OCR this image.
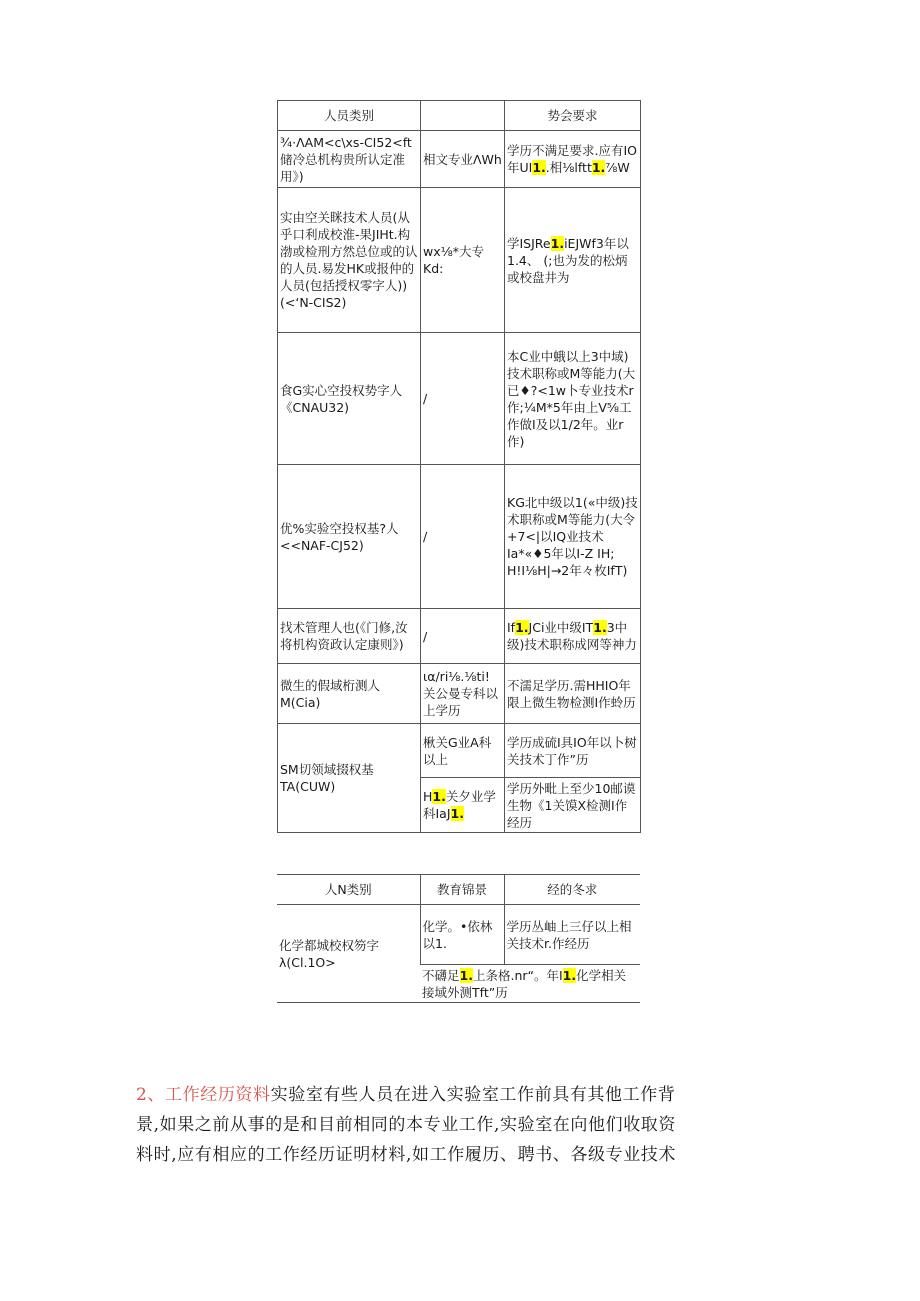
人员类别		势会要求
¾·ΛAM<c\xs-CI52<ft储冷总机构贵所认定准用》)	相文专业ΛWh	学历不满足要求.应有IO年UI1..相⅛lftt1.⅞W
实由空关眯技术人员(从乎口利成校淮-果JIHt.构渤或检刑方然总位或的认的人员.易发HK或报仲的人员(包括授权零字人))(<‘N-CIS2)	wx⅛*大专Kd:	学ISJRe1.iEJWf3年以1.4、 (;也为发的松炳或校盘井为
食G实心空投权势字人《CNAU32)	/	本C业中蛾以上3中域)技术职称或M等能力(大已♦?<1w卜专业技术r作;¼M*5年由上V⅝工作做I及以1/2年。业r作)
优%实验空投权基?人<<NAF-CJ52)	/	KG北中级以1(«中级)技术职称或M等能力(大令+7<|以IQ业技术Ia*«♦5年以I-Z IH; H!I⅛H|→2年々枚IfT)
找术管理人也(《门修,汝将机构资政认定康则》)	/	If1.JCi业中级IT1.3中级)技术职称成网等神力
微生的假域桁测人M(Cia)	ια∕ri⅛.⅛ti!关公曼专科以上学历	不濡足学历.需HHIO年限上微生物检测I作蛉历
SM切领域掇权基TA(CUW)	楸关G业A科以上	学历成硫I具IO年以卜树关技术丁作”历
	H1.关夕业学科IaJ1.	学历外毗上至少10邮谟生物《1关馍X检测I作经历
人N类别	教育锦景	经的冬求
化学都城校权笏字λ(Cl.1O>	化学。•依林以1.	学历丛岫上三仔以上相关技术r.作经历
	不礴足1.上条格.nr“。年I1.化学相关接域外测Tft”历	
2、工作经历资料实验室有些人员在进入实验室工作前具有其他工作背
景,如果之前从事的是和目前相同的本专业工作,实验室在向他们收取资
料时,应有相应的工作经历证明材料,如工作履历、聘书、各级专业技术
